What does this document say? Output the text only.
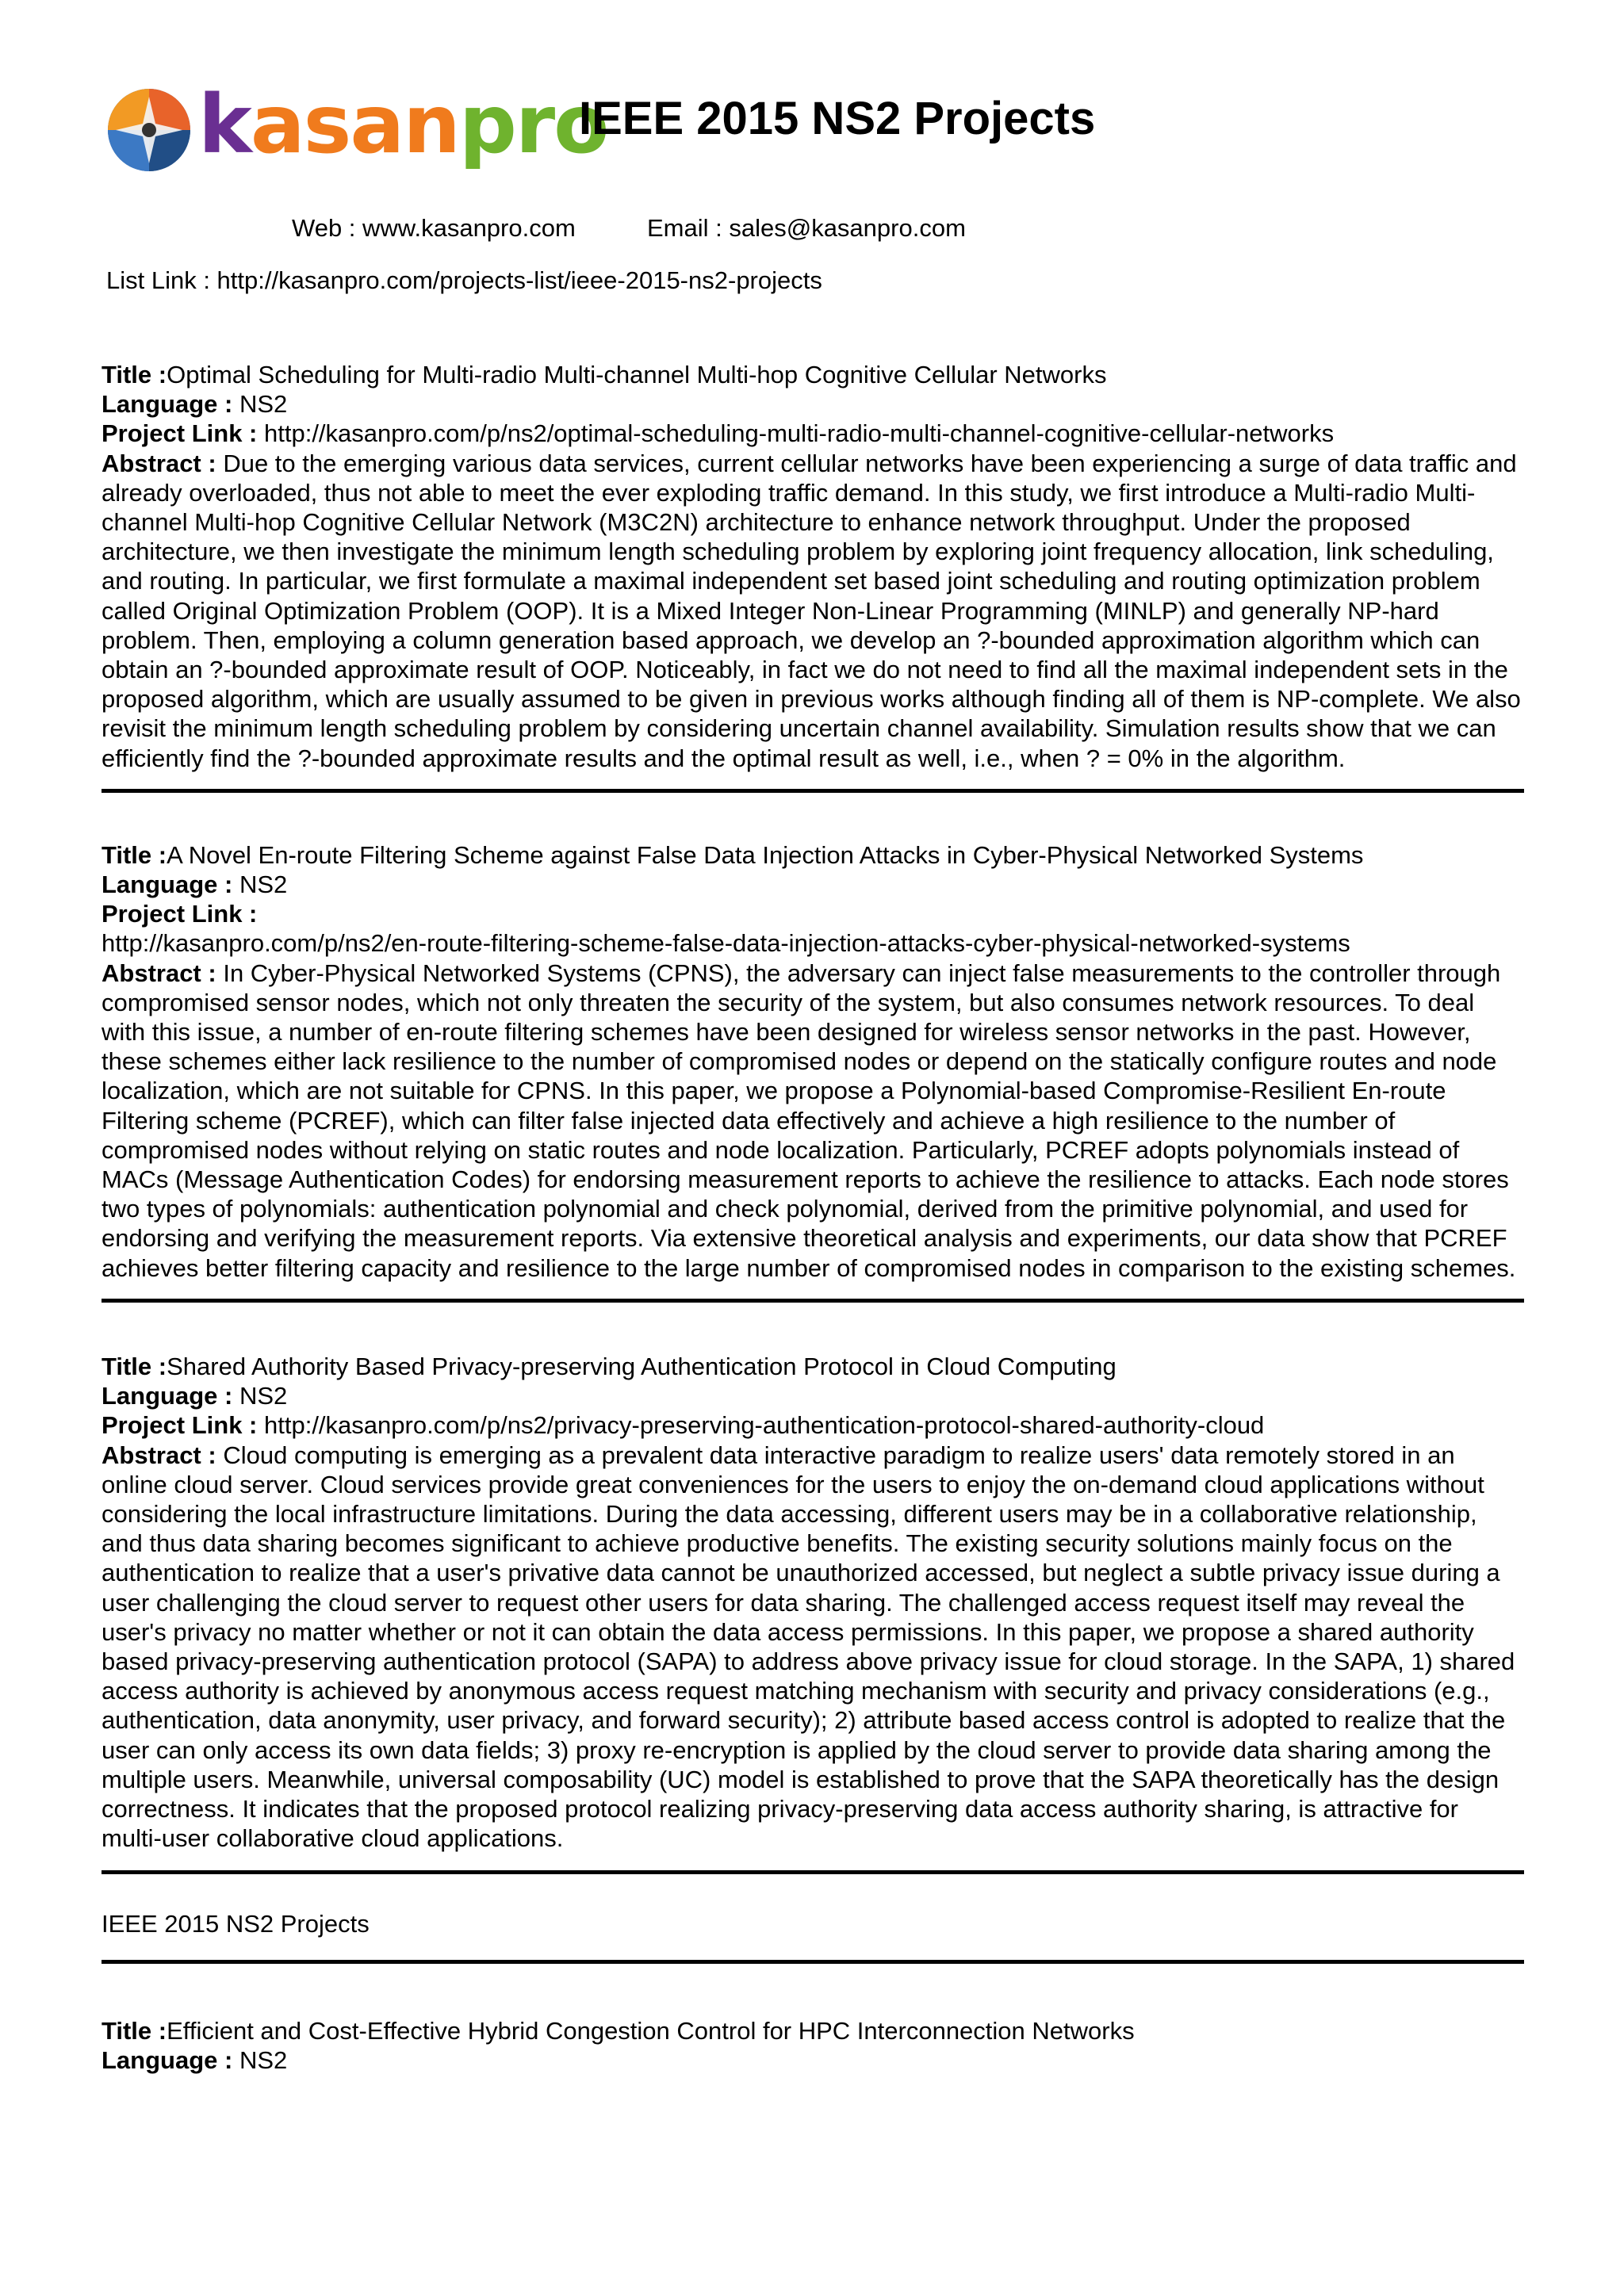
kasanpro
IEEE 2015 NS2 Projects
Web : www.kasanpro.com	Email : sales@kasanpro.com
List Link : http://kasanpro.com/projects-list/ieee-2015-ns2-projects
Title :Optimal Scheduling for Multi-radio Multi-channel Multi-hop Cognitive Cellular Networks
Language : NS2
Project Link : http://kasanpro.com/p/ns2/optimal-scheduling-multi-radio-multi-channel-cognitive-cellular-networks

Abstract : Due to the emerging various data services, current cellular networks have been experiencing a surge of data traffic and already overloaded, thus not able to meet the ever exploding traffic demand. In this study, we first introduce a Multi-radio Multi-channel Multi-hop Cognitive Cellular Network (M3C2N) architecture to enhance network throughput. Under the proposed architecture, we then investigate the minimum length scheduling problem by exploring joint frequency allocation, link scheduling, and routing. In particular, we first formulate a maximal independent set based joint scheduling and routing optimization problem called Original Optimization Problem (OOP). It is a Mixed Integer Non-Linear Programming (MINLP) and generally NP-hard problem. Then, employing a column generation based approach, we develop an ?-bounded approximation algorithm which can obtain an ?-bounded approximate result of OOP. Noticeably, in fact we do not need to find all the maximal independent sets in the proposed algorithm, which are usually assumed to be given in previous works although finding all of them is NP-complete. We also revisit the minimum length scheduling problem by considering uncertain channel availability. Simulation results show that we can efficiently find the ?-bounded approximate results and the optimal result as well, i.e., when ? = 0% in the algorithm.

Title :A Novel En-route Filtering Scheme against False Data Injection Attacks in Cyber-Physical Networked Systems
Language : NS2
Project Link :
http://kasanpro.com/p/ns2/en-route-filtering-scheme-false-data-injection-attacks-cyber-physical-networked-systems

Abstract : In Cyber-Physical Networked Systems (CPNS), the adversary can inject false measurements to the controller through compromised sensor nodes, which not only threaten the security of the system, but also consumes network resources. To deal with this issue, a number of en-route filtering schemes have been designed for wireless sensor networks in the past. However, these schemes either lack resilience to the number of compromised nodes or depend on the statically configure routes and node localization, which are not suitable for CPNS. In this paper, we propose a Polynomial-based Compromise-Resilient En-route Filtering scheme (PCREF), which can filter false injected data effectively and achieve a high resilience to the number of compromised nodes without relying on static routes and node localization. Particularly, PCREF adopts polynomials instead of MACs (Message Authentication Codes) for endorsing measurement reports to achieve the resilience to attacks. Each node stores two types of polynomials: authentication polynomial and check polynomial, derived from the primitive polynomial, and used for endorsing and verifying the measurement reports. Via extensive theoretical analysis and experiments, our data show that PCREF achieves better filtering capacity and resilience to the large number of compromised nodes in comparison to the existing schemes.

Title :Shared Authority Based Privacy-preserving Authentication Protocol in Cloud Computing
Language : NS2
Project Link : http://kasanpro.com/p/ns2/privacy-preserving-authentication-protocol-shared-authority-cloud

Abstract : Cloud computing is emerging as a prevalent data interactive paradigm to realize users' data remotely stored in an online cloud server. Cloud services provide great conveniences for the users to enjoy the on-demand cloud applications without considering the local infrastructure limitations. During the data accessing, different users may be in a collaborative relationship, and thus data sharing becomes significant to achieve productive benefits. The existing security solutions mainly focus on the authentication to realize that a user's privative data cannot be unauthorized accessed, but neglect a subtle privacy issue during a user challenging the cloud server to request other users for data sharing. The challenged access request itself may reveal the user's privacy no matter whether or not it can obtain the data access permissions. In this paper, we propose a shared authority based privacy-preserving authentication protocol (SAPA) to address above privacy issue for cloud storage. In the SAPA, 1) shared access authority is achieved by anonymous access request matching mechanism with security and privacy considerations (e.g., authentication, data anonymity, user privacy, and forward security); 2) attribute based access control is adopted to realize that the user can only access its own data fields; 3) proxy re-encryption is applied by the cloud server to provide data sharing among the multiple users. Meanwhile, universal composability (UC) model is established to prove that the SAPA theoretically has the design correctness. It indicates that the proposed protocol realizing privacy-preserving data access authority sharing, is attractive for multi-user collaborative cloud applications.

IEEE 2015 NS2 Projects
Title :Efficient and Cost-Effective Hybrid Congestion Control for HPC Interconnection Networks
Language : NS2
